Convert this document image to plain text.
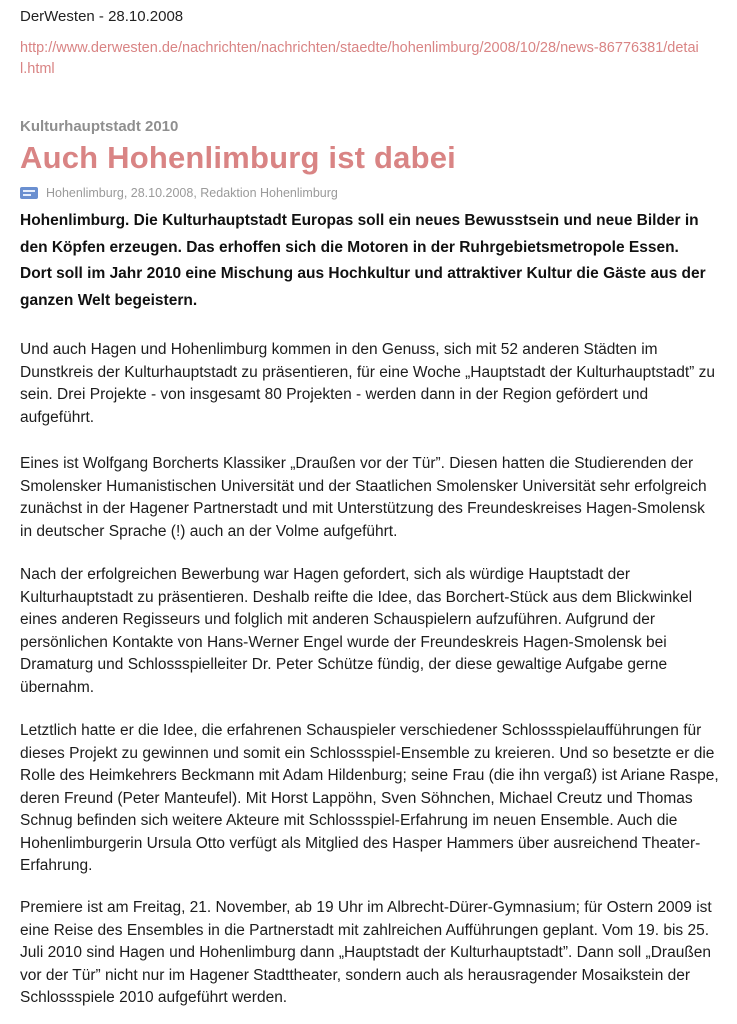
DerWesten - 28.10.2008
http://www.derwesten.de/nachrichten/nachrichten/staedte/hohenlimburg/2008/10/28/news-86776381/detail.html
Kulturhauptstadt 2010
Auch Hohenlimburg ist dabei
Hohenlimburg, 28.10.2008, Redaktion Hohenlimburg
Hohenlimburg. Die Kulturhauptstadt Europas soll ein neues Bewusstsein und neue Bilder in den Köpfen erzeugen. Das erhoffen sich die Motoren in der Ruhrgebietsmetropole Essen. Dort soll im Jahr 2010 eine Mischung aus Hochkultur und attraktiver Kultur die Gäste aus der ganzen Welt begeistern.
Und auch Hagen und Hohenlimburg kommen in den Genuss, sich mit 52 anderen Städten im Dunstkreis der Kulturhauptstadt zu präsentieren, für eine Woche „Hauptstadt der Kulturhauptstadt” zu sein. Drei Projekte - von insgesamt 80 Projekten - werden dann in der Region gefördert und aufgeführt.
Eines ist Wolfgang Borcherts Klassiker „Draußen vor der Tür”. Diesen hatten die Studierenden der Smolensker Humanistischen Universität und der Staatlichen Smolensker Universität sehr erfolgreich zunächst in der Hagener Partnerstadt und mit Unterstützung des Freundeskreises Hagen-Smolensk in deutscher Sprache (!) auch an der Volme aufgeführt.
Nach der erfolgreichen Bewerbung war Hagen gefordert, sich als würdige Hauptstadt der Kulturhauptstadt zu präsentieren. Deshalb reifte die Idee, das Borchert-Stück aus dem Blickwinkel eines anderen Regisseurs und folglich mit anderen Schauspielern aufzuführen. Aufgrund der persönlichen Kontakte von Hans-Werner Engel wurde der Freundeskreis Hagen-Smolensk bei Dramaturg und Schlossspielleiter Dr. Peter Schütze fündig, der diese gewaltige Aufgabe gerne übernahm.
Letztlich hatte er die Idee, die erfahrenen Schauspieler verschiedener Schlossspielaufführungen für dieses Projekt zu gewinnen und somit ein Schlossspiel-Ensemble zu kreieren. Und so besetzte er die Rolle des Heimkehrers Beckmann mit Adam Hildenburg; seine Frau (die ihn vergaß) ist Ariane Raspe, deren Freund (Peter Manteufel). Mit Horst Lappöhn, Sven Söhnchen, Michael Creutz und Thomas Schnug befinden sich weitere Akteure mit Schlossspiel-Erfahrung im neuen Ensemble. Auch die Hohenlimburgerin Ursula Otto verfügt als Mitglied des Hasper Hammers über ausreichend Theater-Erfahrung.
Premiere ist am Freitag, 21. November, ab 19 Uhr im Albrecht-Dürer-Gymnasium; für Ostern 2009 ist eine Reise des Ensembles in die Partnerstadt mit zahlreichen Aufführungen geplant. Vom 19. bis 25. Juli 2010 sind Hagen und Hohenlimburg dann „Hauptstadt der Kulturhauptstadt”. Dann soll „Draußen vor der Tür” nicht nur im Hagener Stadttheater, sondern auch als herausragender Mosaikstein der Schlossspiele 2010 aufgeführt werden.
